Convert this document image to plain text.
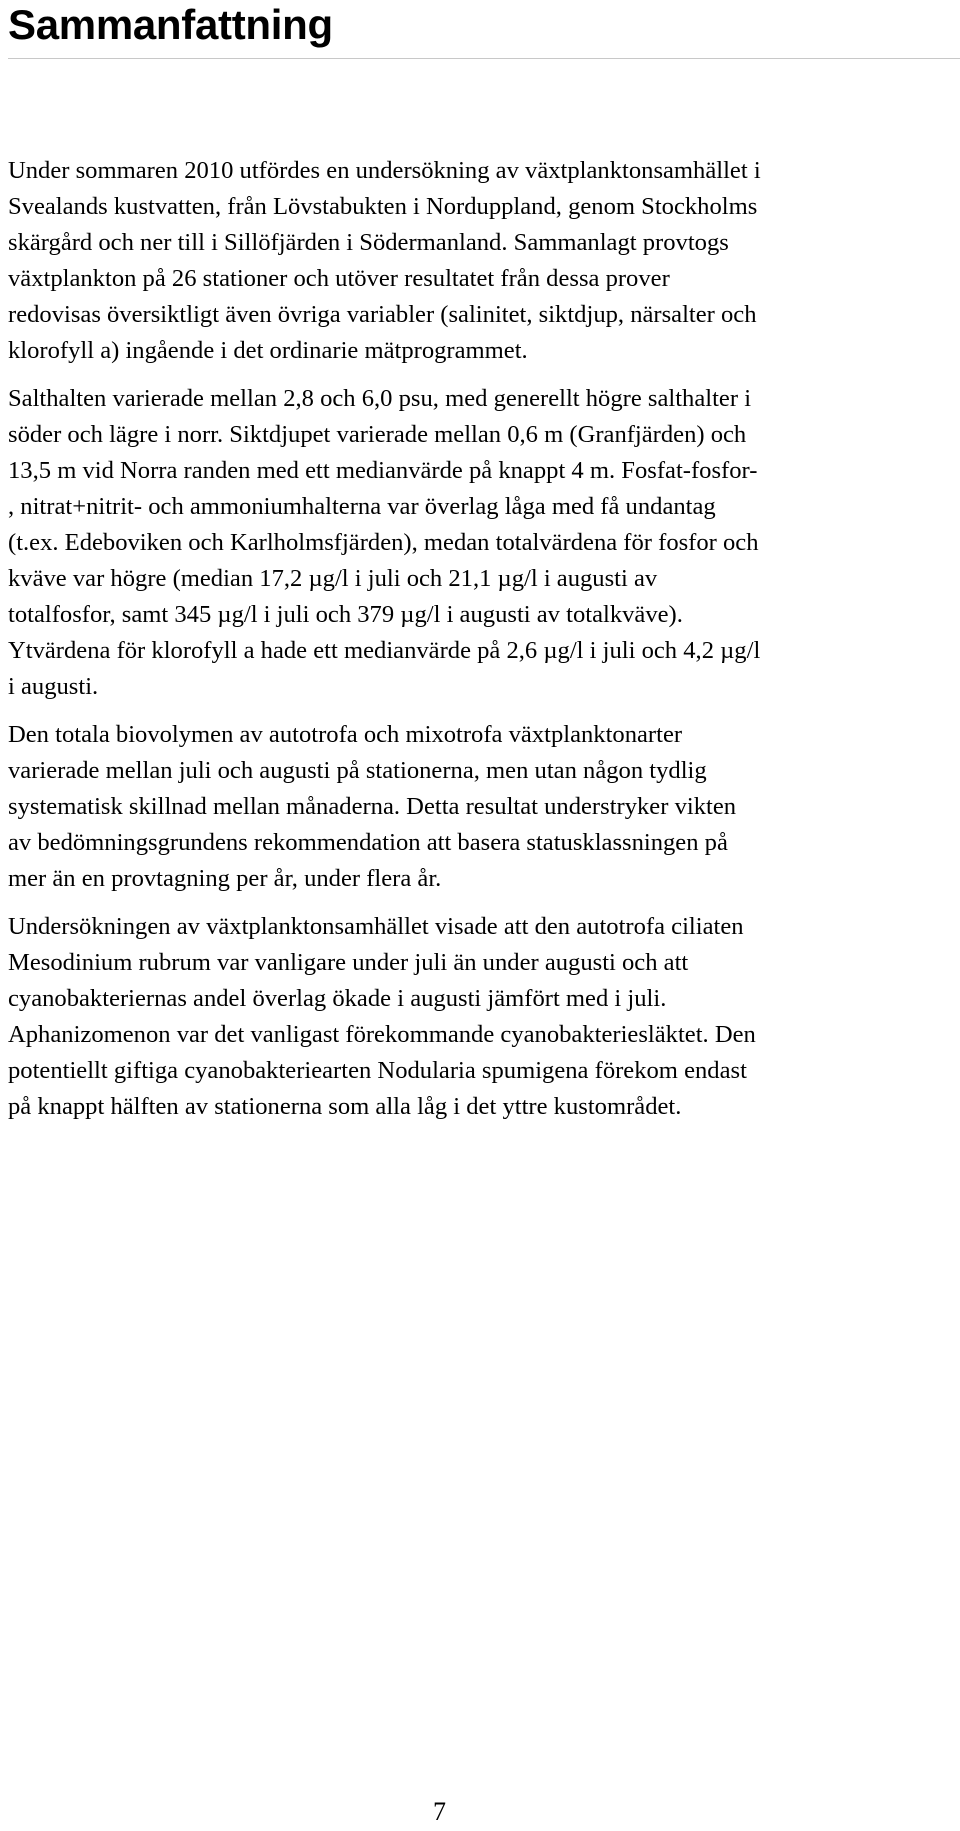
Sammanfattning
Under sommaren 2010 utfördes en undersökning av växtplanktonsamhället i
Svealands kustvatten, från Lövstabukten i Norduppland, genom Stockholms
skärgård och ner till i Sillöfjärden i Södermanland. Sammanlagt provtogs
växtplankton på 26 stationer och utöver resultatet från dessa prover
redovisas översiktligt även övriga variabler (salinitet, siktdjup, närsalter och
klorofyll a) ingående i det ordinarie mätprogrammet.
Salthalten varierade mellan 2,8 och 6,0 psu, med generellt högre salthalter i
söder och lägre i norr. Siktdjupet varierade mellan 0,6 m (Granfjärden) och
13,5 m vid Norra randen med ett medianvärde på knappt 4 m. Fosfat-fosfor-
, nitrat+nitrit- och ammoniumhalterna var överlag låga med få undantag
(t.ex. Edeboviken och Karlholmsfjärden), medan totalvärdena för fosfor och
kväve var högre (median 17,2 µg/l i juli och 21,1 µg/l i augusti av
totalfosfor, samt 345 µg/l i juli och 379 µg/l i augusti av totalkväve).
Ytvärdena för klorofyll a hade ett medianvärde på 2,6 µg/l i juli och 4,2 µg/l
i augusti.
Den totala biovolymen av autotrofa och mixotrofa växtplanktonarter
varierade mellan juli och augusti på stationerna, men utan någon tydlig
systematisk skillnad mellan månaderna. Detta resultat understryker vikten
av bedömningsgrundens rekommendation att basera statusklassningen på
mer än en provtagning per år, under flera år.
Undersökningen av växtplanktonsamhället visade att den autotrofa ciliaten
Mesodinium rubrum var vanligare under juli än under augusti och att
cyanobakteriernas andel överlag ökade i augusti jämfört med i juli.
Aphanizomenon var det vanligast förekommande cyanobakteriesläktet. Den
potentiellt giftiga cyanobakteriearten Nodularia spumigena förekom endast
på knappt hälften av stationerna som alla låg i det yttre kustområdet.
7
